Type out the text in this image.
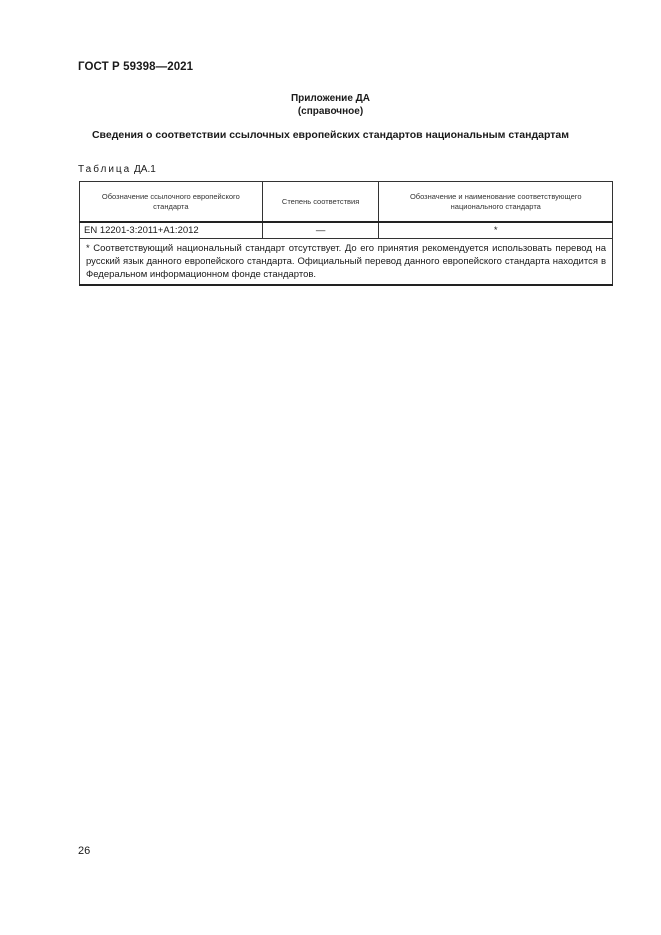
ГОСТ Р 59398—2021
Приложение ДА
(справочное)
Сведения о соответствии ссылочных европейских стандартов национальным стандартам
Таблица ДА.1
Обозначение ссылочного европейского стандарта	Степень соответствия	Обозначение и наименование соответствующего национального стандарта
EN 12201-3:2011+A1:2012	—	*
* Соответствующий национальный стандарт отсутствует. До его принятия рекомендуется использовать перевод на русский язык данного европейского стандарта. Официальный перевод данного европейского стандарта находится в Федеральном информационном фонде стандартов.		
26
